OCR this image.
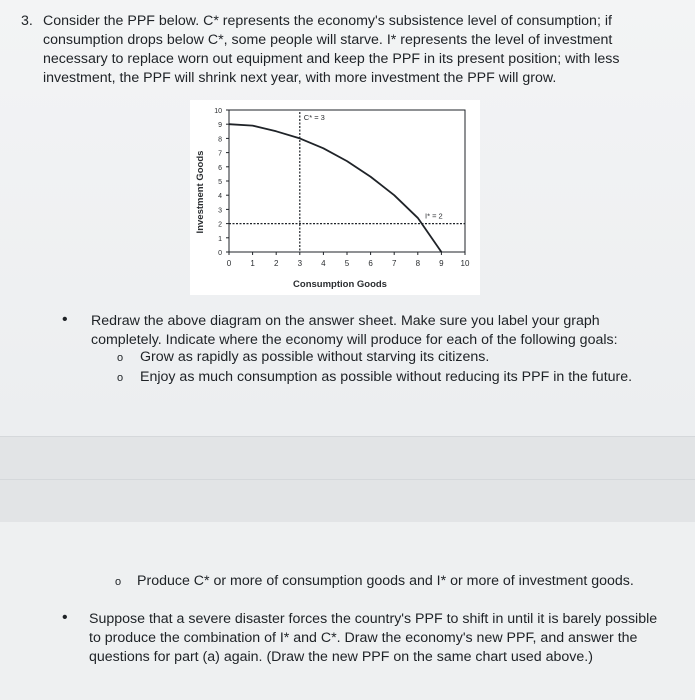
3. Consider the PPF below. C* represents the economy's subsistence level of consumption; if
consumption drops below C*, some people will starve. I* represents the level of investment
necessary to replace worn out equipment and keep the PPF in its present position; with less
investment, the PPF will shrink next year, with more investment the PPF will grow.
0 1 2 3 4 5 6 7 8 9 10
0
1
2
3
4
5
6
7
8
9
10
C* = 3
I* = 2
Investment Goods
Consumption Goods
• Redraw the above diagram on the answer sheet. Make sure you label your graph
completely. Indicate where the economy will produce for each of the following goals:
o Grow as rapidly as possible without starving its citizens.
o Enjoy as much consumption as possible without reducing its PPF in the future.
o Produce C* or more of consumption goods and I* or more of investment goods.
• Suppose that a severe disaster forces the country's PPF to shift in until it is barely possible
to produce the combination of I* and C*. Draw the economy's new PPF, and answer the
questions for part (a) again. (Draw the new PPF on the same chart used above.)
